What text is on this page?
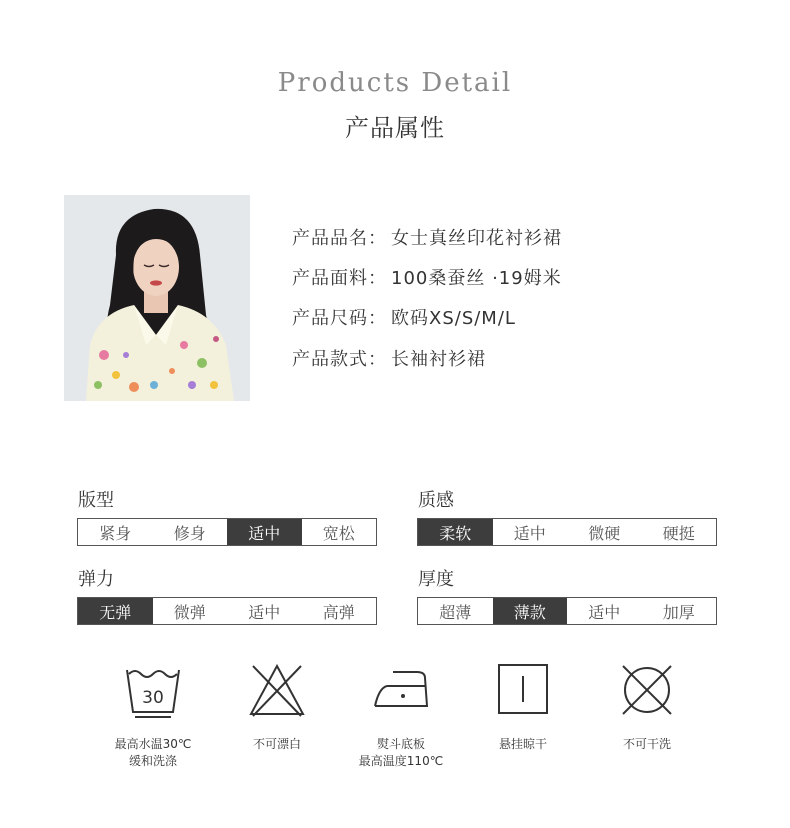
Products Detail
产品属性
产品品名： 女士真丝印花衬衫裙
产品面料： 100桑蚕丝 ·19姆米
产品尺码： 欧码XS/S/M/L
产品款式： 长袖衬衫裙
版型
紧身	修身	适中	宽松
质感
柔软	适中	微硬	硬挺
弹力
无弹	微弹	适中	高弹
厚度
超薄	薄款	适中	加厚
30
最高水温30℃
缓和洗涤
不可漂白	熨斗底板
最高温度110℃
悬挂晾干	不可干洗
